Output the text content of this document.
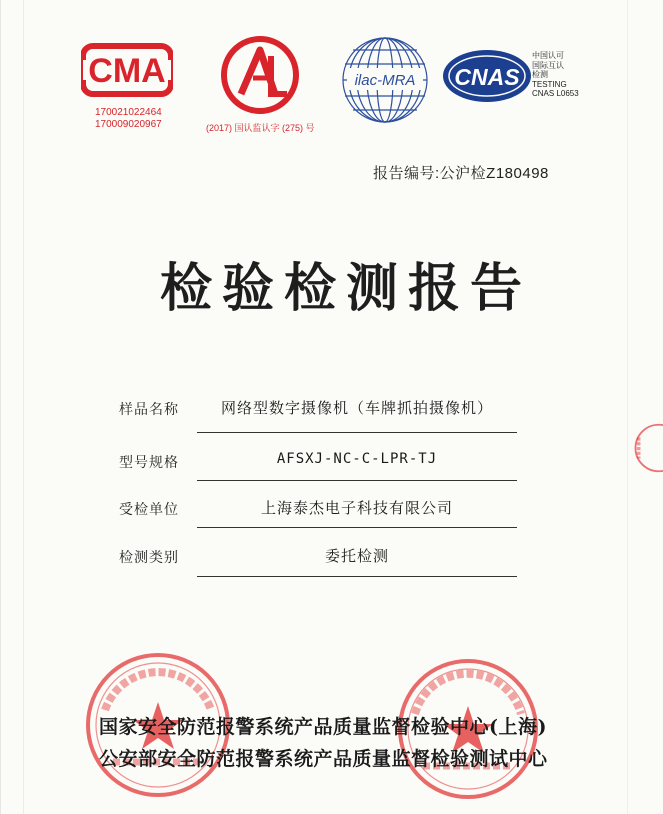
CMA
170021022464
170009020967
CAL
(2017) 国认监认字 (275) 号
ilac-MRA CNAS
中国认可
国际互认
检测
TESTING
CNAS L0653
报告编号:公沪检Z180498
检验检测报告
样品名称	网络型数字摄像机（车牌抓拍摄像机）
型号规格	AFSXJ-NC-C-LPR-TJ
受检单位	上海泰杰电子科技有限公司
检测类别	委托检测
国家安全防范报警系统产品质量监督检验中心(上海)
公安部安全防范报警系统产品质量监督检验测试中心
